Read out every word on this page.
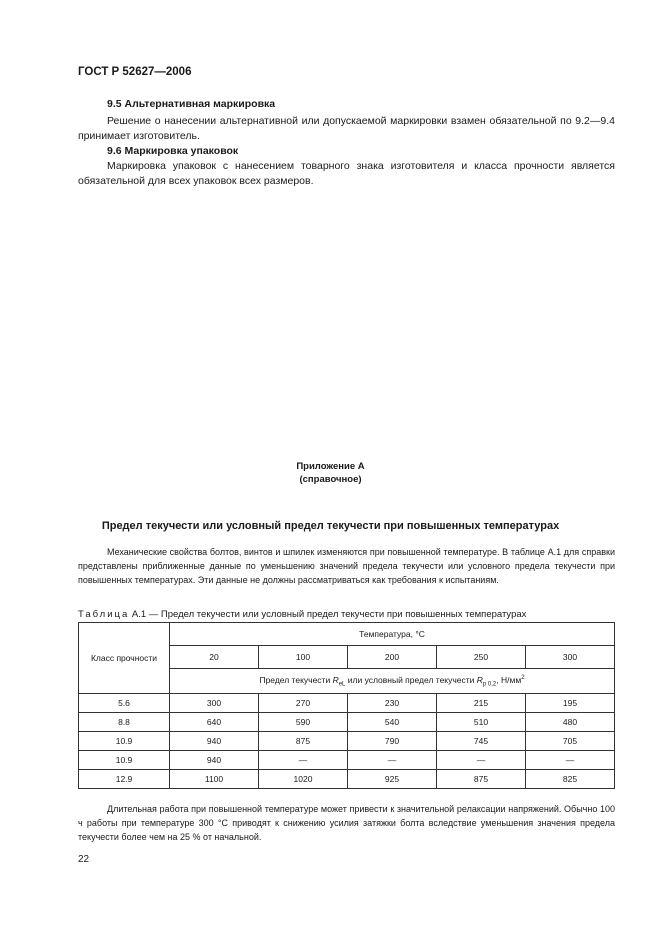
ГОСТ Р 52627—2006
9.5 Альтернативная маркировка
Решение о нанесении альтернативной или допускаемой маркировки взамен обязательной по 9.2—9.4 принимает изготовитель.
9.6 Маркировка упаковок
Маркировка упаковок с нанесением товарного знака изготовителя и класса прочности является обязательной для всех упаковок всех размеров.
Приложение А
(справочное)
Предел текучести или условный предел текучести при повышенных температурах
Механические свойства болтов, винтов и шпилек изменяются при повышенной температуре. В таблице А.1 для справки представлены приближенные данные по уменьшению значений предела текучести или условного предела текучести при повышенных температурах. Эти данные не должны рассматриваться как требования к испытаниям.
Таблица А.1 — Предел текучести или условный предел текучести при повышенных температурах
Класс прочности	Температура, °С				
	20	100	200	250	300
	Предел текучести $R_{eL}$ или условный предел текучести $R_{p 0,2}$, $Н/мм^2$
5.6	300	270	230	215	195
8.8	640	590	540	510	480
10.9	940	875	790	745	705
10.9	940	—	—	—	—
12.9	1100	1020	925	875	825
Длительная работа при повышенной температуре может привести к значительной релаксации напряжений. Обычно 100 ч работы при температуре 300 °С приводят к снижению усилия затяжки болта вследствие уменьшения значения предела текучести более чем на 25 % от начальной.
22
